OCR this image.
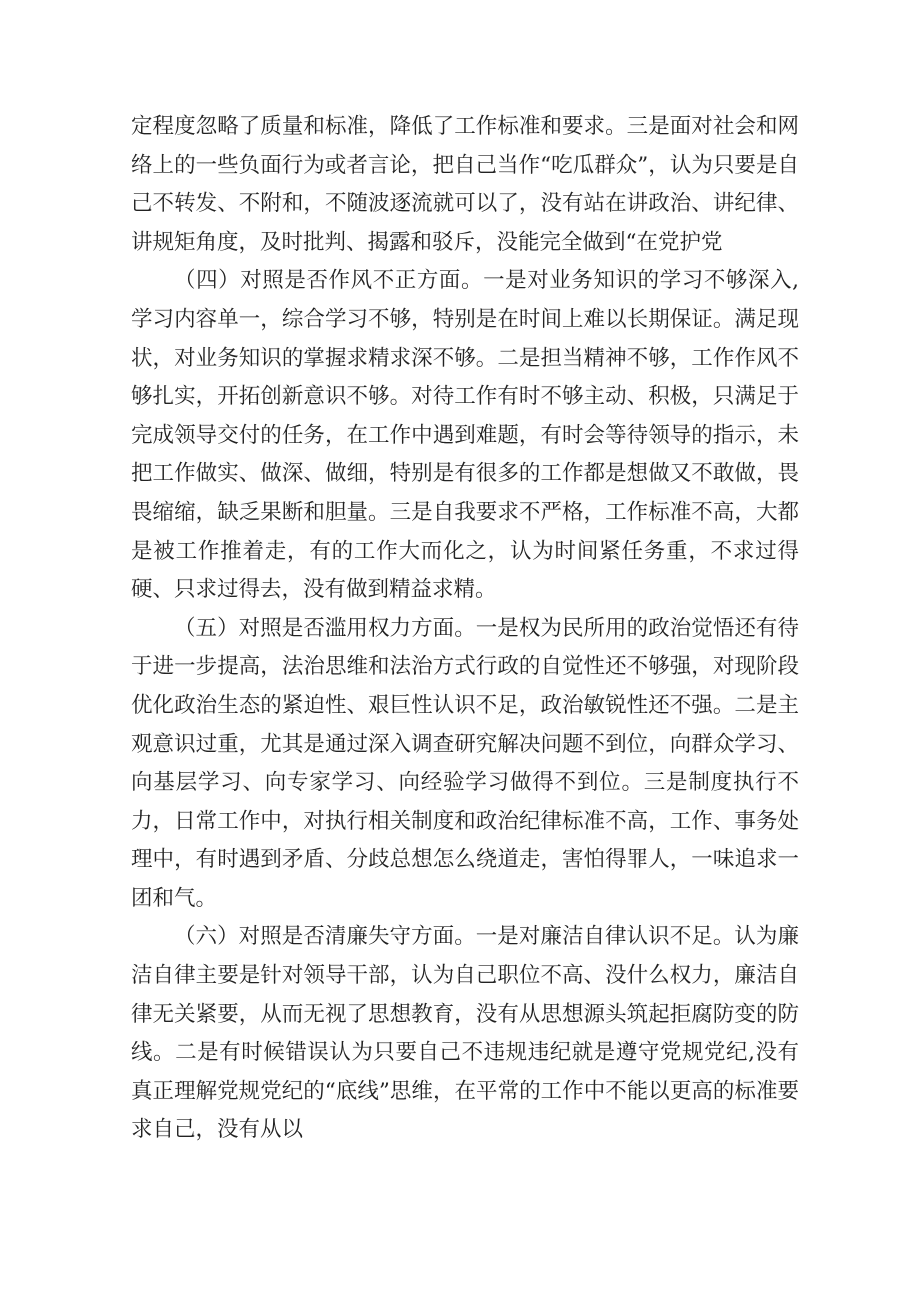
定程度忽略了质量和标准，降低了工作标准和要求。三是面对社会和网络上的一些负面行为或者言论，把自己当作“吃瓜群众”，认为只要是自己不转发、不附和，不随波逐流就可以了，没有站在讲政治、讲纪律、讲规矩角度，及时批判、揭露和驳斥，没能完全做到“在党护党

（四）对照是否作风不正方面。一是对业务知识的学习不够深入,学习内容单一，综合学习不够，特别是在时间上难以长期保证。满足现状，对业务知识的掌握求精求深不够。二是担当精神不够，工作作风不够扎实，开拓创新意识不够。对待工作有时不够主动、积极，只满足于完成领导交付的任务，在工作中遇到难题，有时会等待领导的指示，未把工作做实、做深、做细，特别是有很多的工作都是想做又不敢做，畏畏缩缩，缺乏果断和胆量。三是自我要求不严格，工作标准不高，大都是被工作推着走，有的工作大而化之，认为时间紧任务重，不求过得硬、只求过得去，没有做到精益求精。

（五）对照是否滥用权力方面。一是权为民所用的政治觉悟还有待于进一步提高，法治思维和法治方式行政的自觉性还不够强，对现阶段优化政治生态的紧迫性、艰巨性认识不足，政治敏锐性还不强。二是主观意识过重，尤其是通过深入调查研究解决问题不到位，向群众学习、向基层学习、向专家学习、向经验学习做得不到位。三是制度执行不力，日常工作中，对执行相关制度和政治纪律标准不高，工作、事务处理中，有时遇到矛盾、分歧总想怎么绕道走，害怕得罪人，一味追求一团和气。

（六）对照是否清廉失守方面。一是对廉洁自律认识不足。认为廉洁自律主要是针对领导干部，认为自己职位不高、没什么权力，廉洁自律无关紧要，从而无视了思想教育，没有从思想源头筑起拒腐防变的防线。二是有时候错误认为只要自己不违规违纪就是遵守党规党纪,没有真正理解党规党纪的“底线”思维，在平常的工作中不能以更高的标准要求自己，没有从以
